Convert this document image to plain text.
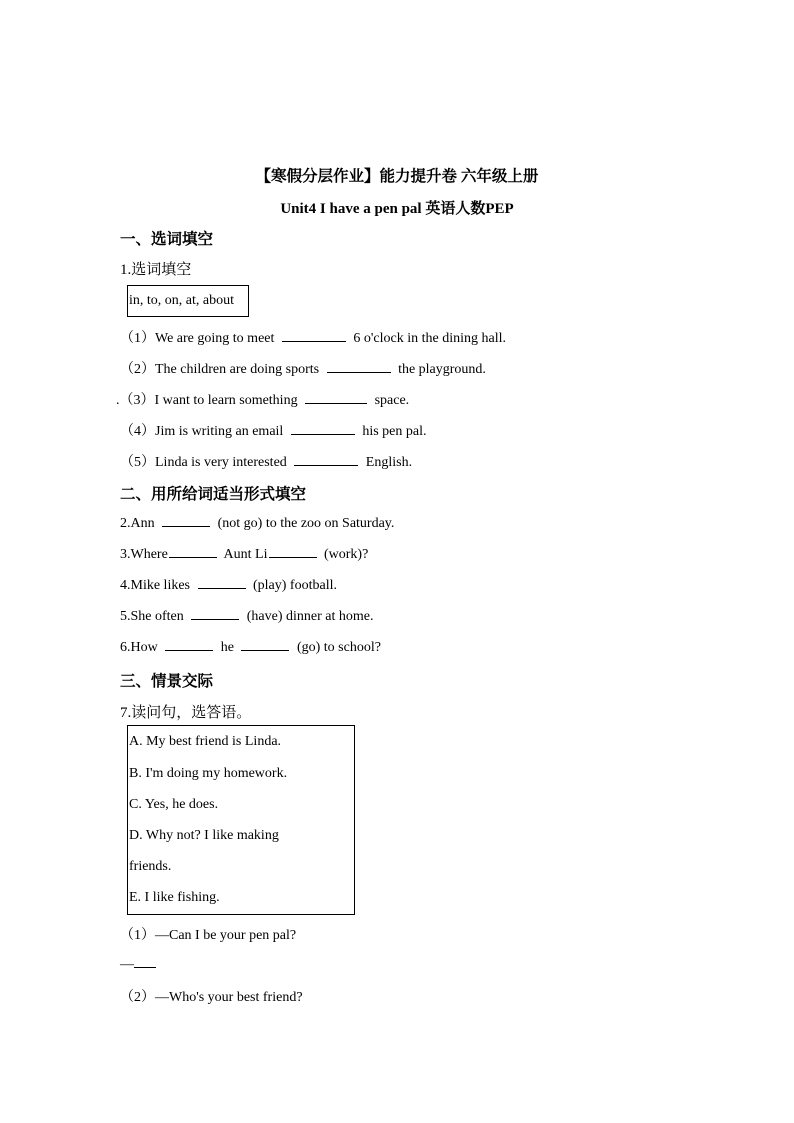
【寒假分层作业】能力提升卷 六年级上册
Unit4 I have a pen pal 英语人数PEP
一、选词填空
1.选词填空
in, to, on, at, about
（1）We are going to meet	6 o'clock in the dining hall.
（2）The children are doing sports	the playground.
.（3）I want to learn something	space.
（4）Jim is writing an email	his pen pal.
（5）Linda is very interested	English.
二、用所给词适当形式填空
2.Ann	(not go) to the zoo on Saturday.
3.Where	Aunt Li	(work)?
4.Mike likes	(play) football.
5.She often	(have) dinner at home.
6.How	he	(go) to school?
三、情景交际
7.读问句，选答语。
A. My best friend is Linda.
B. I'm doing my homework.
C. Yes, he does.
D. Why not? I like making
friends.
E. I like fishing.
（1）—Can I be your pen pal?
—
（2）—Who's your best friend?
